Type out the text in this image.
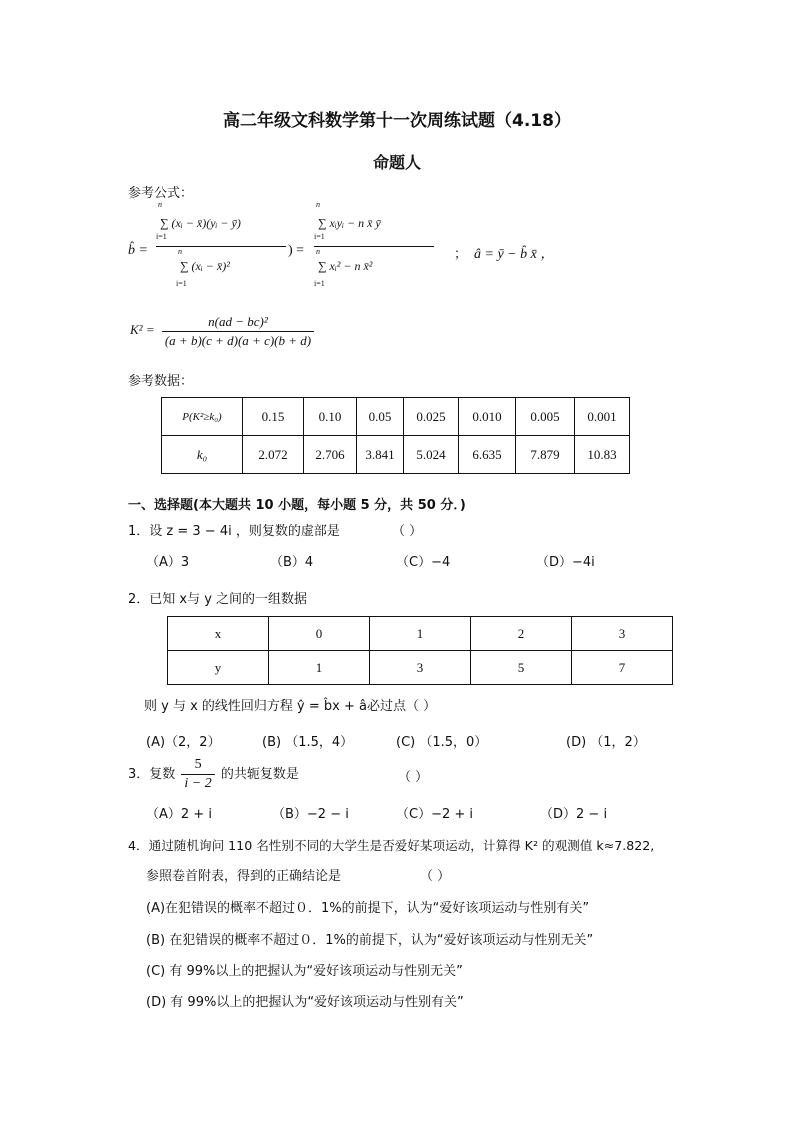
高二年级文科数学第十一次周练试题（4.18）
命题人
参考公式：
b̂ =
n
∑ (xᵢ − x̄)(yᵢ − ȳ)
i=1
n
∑ (xᵢ − x̄)²
i=1
) =
n
∑ xᵢyᵢ − n x̄ ȳ
i=1
n
∑ xᵢ² − n x̄²
i=1
； â = ȳ − b̂ x̄ ，
$K^2 = \frac{\text{n(ad − bc)²}}{(a + b)(c + d)(a + c)(b + d)}$
参考数据：
P(K²≥k₀)	0.15	0.10	0.05	0.025	0.010	0.005	0.001
k₀	2.072	2.706	3.841	5.024	6.635	7.879	10.83
一、选择题(本大题共 10 小题，每小题 5 分，共 50 分．)
1．设 z = 3 − 4i ，则复数的虚部是	（ ）
（A）3	（B）4	（C）−4	（D）−4i
2．已知 x与 y 之间的一组数据
x	0	1	2	3
y	1	3	5	7
则 y 与 x 的线性回归方程 ŷ = b̂x + â必过点（ ）
(A)（2，2）	(B) （1.5，4）	(C) （1.5，0）	(D) （1，2）
3．复数 $\frac{5}{i - 2}$ 的共轭复数是	（ ）
（A）2 + i	（B）−2 − i	（C）−2 + i	（D）2 − i
4．通过随机询问 110 名性别不同的大学生是否爱好某项运动，计算得 K² 的观测值 k≈7.822,
参照卷首附表，得到的正确结论是	（ ）
(A)在犯错误的概率不超过０．1%的前提下，认为“爱好该项运动与性别有关”
(B) 在犯错误的概率不超过０．1%的前提下，认为“爱好该项运动与性别无关”
(C) 有 99%以上的把握认为“爱好该项运动与性别无关”
(D) 有 99%以上的把握认为“爱好该项运动与性别有关”
